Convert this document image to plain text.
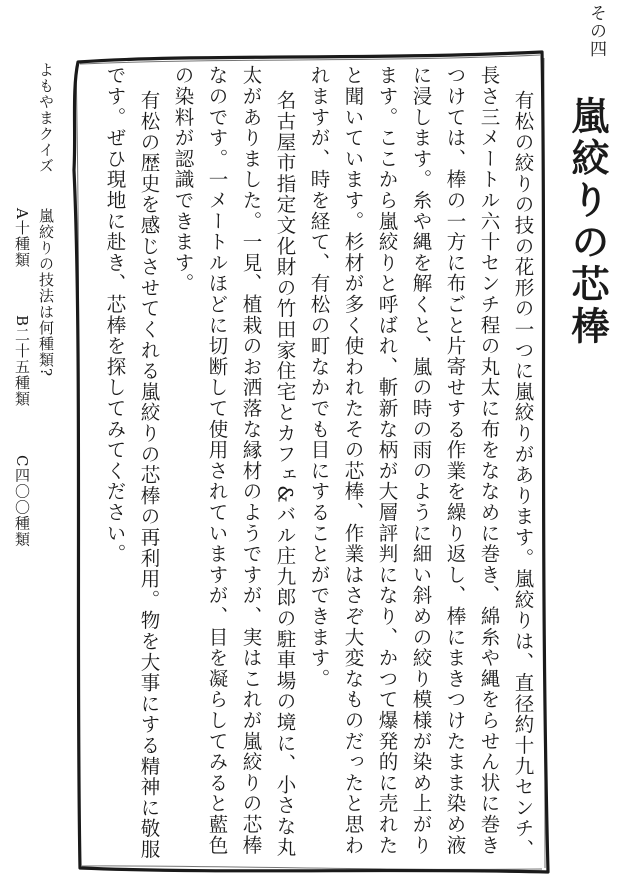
その四
嵐絞りの芯棒
有松の絞りの技の花形の一つに嵐絞りがあります。嵐絞りは、直径約十九センチ、
長さ三メートル六十センチ程の丸太に布をななめに巻き、綿糸や縄をらせん状に巻き
つけては、棒の一方に布ごと片寄せする作業を繰り返し、棒にまきつけたまま染め液
に浸します。糸や縄を解くと、嵐の時の雨のように細い斜めの絞り模様が染め上がり
ます。ここから嵐絞りと呼ばれ、斬新な柄が大層評判になり、かつて爆発的に売れた
と聞いています。杉材が多く使われたその芯棒、作業はさぞ大変なものだったと思わ
れますが、時を経て、有松の町なかでも目にすることができます。
名古屋市指定文化財の竹田家住宅とカフェ&バル庄九郎の駐車場の境に、小さな丸
太がありました。一見、植栽のお洒落な縁材のようですが、実はこれが嵐絞りの芯棒
なのです。一メートルほどに切断して使用されていますが、目を凝らしてみると藍色
の染料が認識できます。
有松の歴史を感じさせてくれる嵐絞りの芯棒の再利用。物を大事にする精神に敬服
です。ぜひ現地に赴き、芯棒を探してみてください。
よもやまクイズ
嵐絞りの技法は何種類?
A十種類
B二十五種類
C四〇〇種類
